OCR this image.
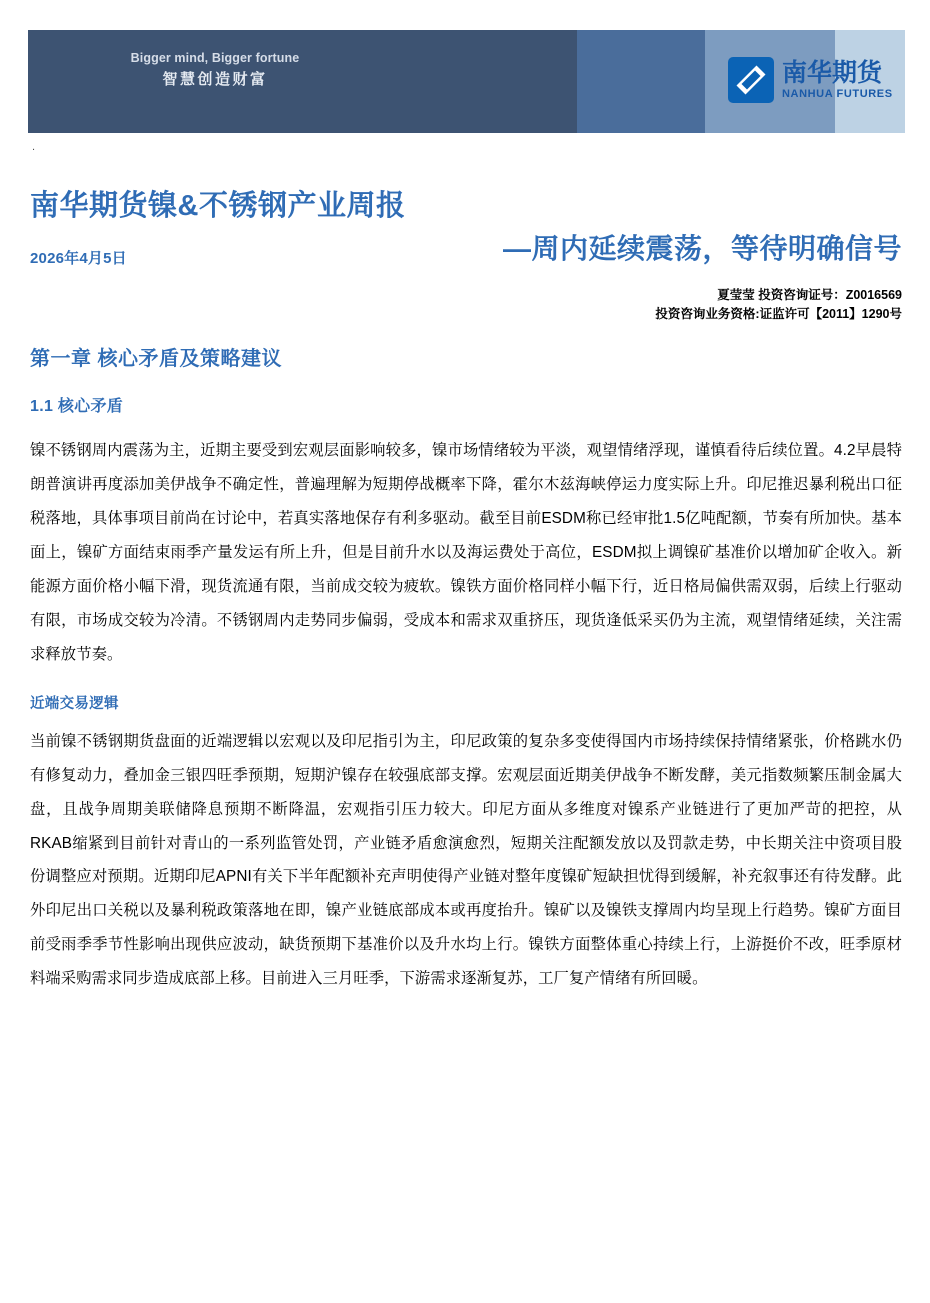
Bigger mind, Bigger fortune
智慧创造财富	南华期货
NANHUA FUTURES
.
南华期货镍&不锈钢产业周报
—周内延续震荡，等待明确信号
2026年4月5日
夏莹莹 投资咨询证号：Z0016569
投资咨询业务资格:证监许可【2011】1290号
第一章 核心矛盾及策略建议
1.1 核心矛盾

镍不锈钢周内震荡为主，近期主要受到宏观层面影响较多，镍市场情绪较为平淡，观望情绪浮现，谨慎看待后续位置。4.2早晨特朗普演讲再度添加美伊战争不确定性，普遍理解为短期停战概率下降，霍尔木兹海峡停运力度实际上升。印尼推迟暴利税出口征税落地，具体事项目前尚在讨论中，若真实落地保存有利多驱动。截至目前ESDM称已经审批1.5亿吨配额，节奏有所加快。基本面上，镍矿方面结束雨季产量发运有所上升，但是目前升水以及海运费处于高位，ESDM拟上调镍矿基准价以增加矿企收入。新能源方面价格小幅下滑，现货流通有限，当前成交较为疲软。镍铁方面价格同样小幅下行，近日格局偏供需双弱，后续上行驱动有限，市场成交较为冷清。不锈钢周内走势同步偏弱，受成本和需求双重挤压，现货逢低采买仍为主流，观望情绪延续，关注需求释放节奏。

近端交易逻辑

当前镍不锈钢期货盘面的近端逻辑以宏观以及印尼指引为主，印尼政策的复杂多变使得国内市场持续保持情绪紧张，价格跳水仍有修复动力，叠加金三银四旺季预期，短期沪镍存在较强底部支撑。宏观层面近期美伊战争不断发酵，美元指数频繁压制金属大盘，且战争周期美联储降息预期不断降温，宏观指引压力较大。印尼方面从多维度对镍系产业链进行了更加严苛的把控，从RKAB缩紧到目前针对青山的一系列监管处罚，产业链矛盾愈演愈烈，短期关注配额发放以及罚款走势，中长期关注中资项目股份调整应对预期。近期印尼APNI有关下半年配额补充声明使得产业链对整年度镍矿短缺担忧得到缓解，补充叙事还有待发酵。此外印尼出口关税以及暴利税政策落地在即，镍产业链底部成本或再度抬升。镍矿以及镍铁支撑周内均呈现上行趋势。镍矿方面目前受雨季季节性影响出现供应波动，缺货预期下基准价以及升水均上行。镍铁方面整体重心持续上行，上游挺价不改，旺季原材料端采购需求同步造成底部上移。目前进入三月旺季，下游需求逐渐复苏，工厂复产情绪有所回暖。
